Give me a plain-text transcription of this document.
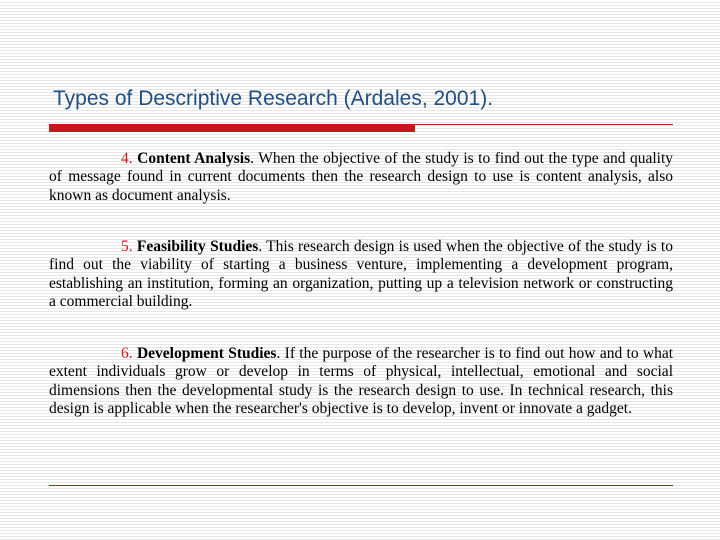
Types of Descriptive Research (Ardales, 2001).

4. Content Analysis. When the objective of the study is to find out the type and quality of message found in current documents then the research design to use is content analysis, also known as document analysis.

5. Feasibility Studies. This research design is used when the objective of the study is to find out the viability of starting a business venture, implementing a development program, establishing an institution, forming an organization, putting up a television network or constructing a commercial building.

6. Development Studies. If the purpose of the researcher is to find out how and to what extent individuals grow or develop in terms of physical, intellectual, emotional and social dimensions then the developmental study is the research design to use. In technical research, this design is applicable when the researcher's objective is to develop, invent or innovate a gadget.
